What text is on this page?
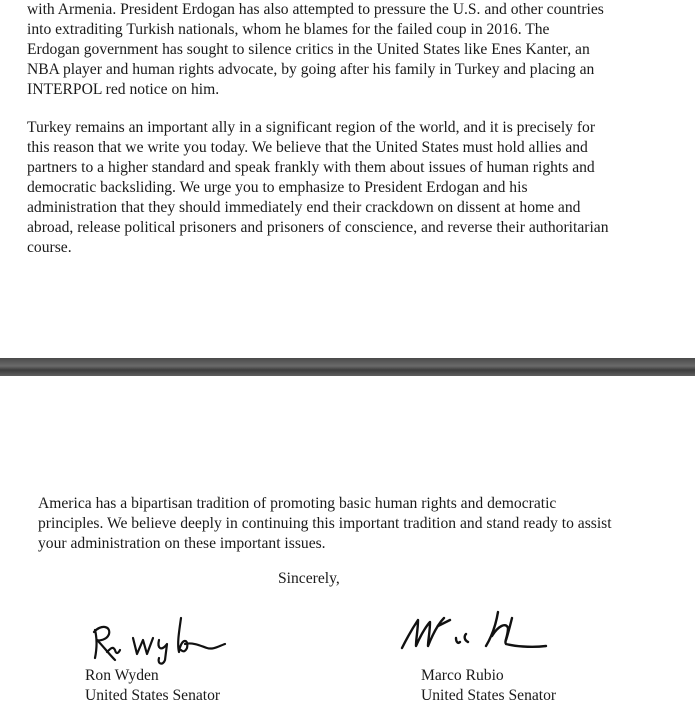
with Armenia. President Erdogan has also attempted to pressure the U.S. and other countries
into extraditing Turkish nationals, whom he blames for the failed coup in 2016. The
Erdogan government has sought to silence critics in the United States like Enes Kanter, an
NBA player and human rights advocate, by going after his family in Turkey and placing an
INTERPOL red notice on him.

Turkey remains an important ally in a significant region of the world, and it is precisely for
this reason that we write you today. We believe that the United States must hold allies and
partners to a higher standard and speak frankly with them about issues of human rights and
democratic backsliding. We urge you to emphasize to President Erdogan and his
administration that they should immediately end their crackdown on dissent at home and
abroad, release political prisoners and prisoners of conscience, and reverse their authoritarian
course.

America has a bipartisan tradition of promoting basic human rights and democratic
principles. We believe deeply in continuing this important tradition and stand ready to assist
your administration on these important issues.

Sincerely,

Ron Wyden
United States Senator
Marco Rubio
United States Senator
